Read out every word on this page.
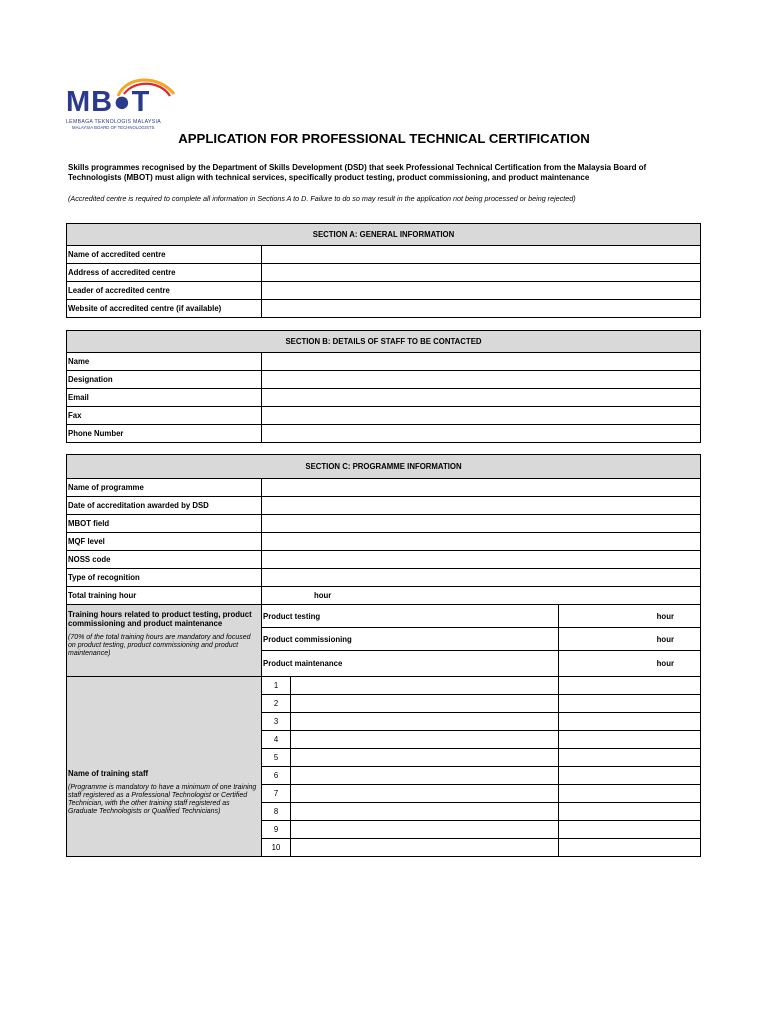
MB●T
LEMBAGA TEKNOLOGIS MALAYSIA
MALAYSIA BOARD OF TECHNOLOGISTS
APPLICATION FOR PROFESSIONAL TECHNICAL CERTIFICATION
Skills programmes recognised by the Department of Skills Development (DSD) that seek Professional Technical Certification from the Malaysia Board of Technologists (MBOT) must align with technical services, specifically product testing, product commissioning, and product maintenance
(Accredited centre is required to complete all information in Sections A to D. Failure to do so may result in the application not being processed or being rejected)
SECTION A: GENERAL INFORMATION	
Name of accredited centre	
Address of accredited centre	
Leader of accredited centre	
Website of accredited centre (if available)	
SECTION B: DETAILS OF STAFF TO BE CONTACTED	
Name	
Designation	
Email	
Fax	
Phone Number	
SECTION C: PROGRAMME INFORMATION			
Name of programme			
Date of accreditation awarded by DSD			
MBOT field			
MQF level			
NOSS code			
Type of recognition			
Total training hour	hour		

Training hours related to product testing, product commissioning and product maintenance
(70% of the total training hours are mandatory and focused on product testing, product commissioning and product maintenance)	Product testing		hour
	Product commissioning		hour
	Product maintenance		hour

Name of training staff
(Programme is mandatory to have a minimum of one training staff registered as a Professional Technologist or Certified Technician, with the other training staff registered as Graduate Technologists or Qualified Technicians)	1		
	2		
	3		
	4		
	5		
	6		
	7		
	8		
	9		
	10		
